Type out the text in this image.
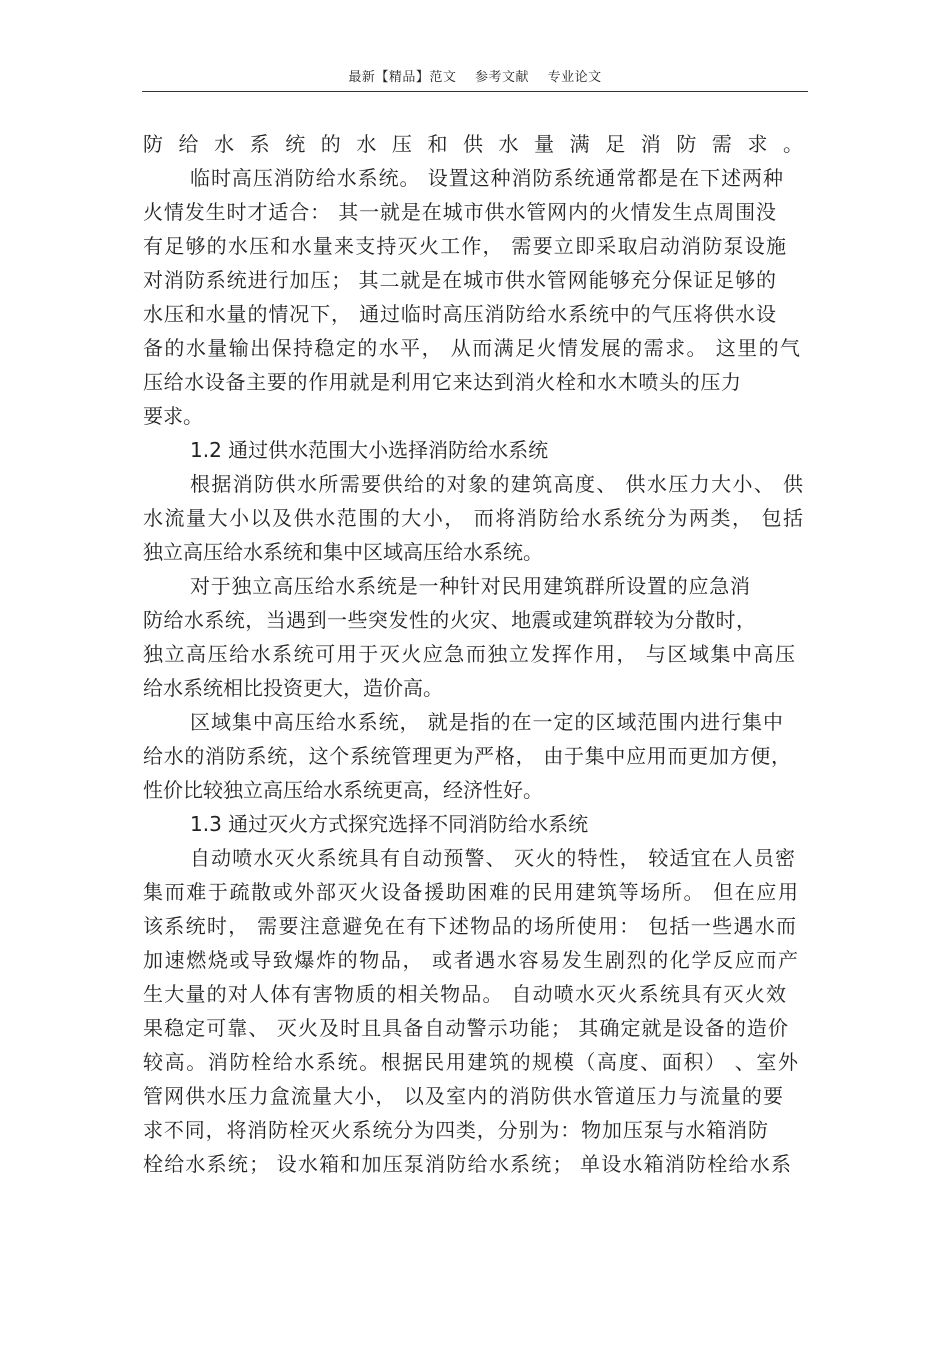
最新【精品】范文 参考文献 专业论文
防给水系统的水压和供水量满足消防需求。
临时高压消防给水系统。 设置这种消防系统通常都是在下述两种
火情发生时才适合： 其一就是在城市供水管网内的火情发生点周围没
有足够的水压和水量来支持灭火工作， 需要立即采取启动消防泵设施
对消防系统进行加压； 其二就是在城市供水管网能够充分保证足够的
水压和水量的情况下， 通过临时高压消防给水系统中的气压将供水设
备的水量输出保持稳定的水平， 从而满足火情发展的需求。 这里的气
压给水设备主要的作用就是利用它来达到消火栓和水木喷头的压力
要求。
1.2 通过供水范围大小选择消防给水系统
根据消防供水所需要供给的对象的建筑高度、 供水压力大小、 供
水流量大小以及供水范围的大小， 而将消防给水系统分为两类， 包括
独立高压给水系统和集中区域高压给水系统。
对于独立高压给水系统是一种针对民用建筑群所设置的应急消
防给水系统，当遇到一些突发性的火灾、地震或建筑群较为分散时，
独立高压给水系统可用于灭火应急而独立发挥作用， 与区域集中高压
给水系统相比投资更大，造价高。
区域集中高压给水系统， 就是指的在一定的区域范围内进行集中
给水的消防系统，这个系统管理更为严格， 由于集中应用而更加方便，
性价比较独立高压给水系统更高，经济性好。
1.3 通过灭火方式探究选择不同消防给水系统
自动喷水灭火系统具有自动预警、 灭火的特性， 较适宜在人员密
集而难于疏散或外部灭火设备援助困难的民用建筑等场所。 但在应用
该系统时， 需要注意避免在有下述物品的场所使用： 包括一些遇水而
加速燃烧或导致爆炸的物品， 或者遇水容易发生剧烈的化学反应而产
生大量的对人体有害物质的相关物品。 自动喷水灭火系统具有灭火效
果稳定可靠、 灭火及时且具备自动警示功能； 其确定就是设备的造价
较高。消防栓给水系统。根据民用建筑的规模（高度、面积） 、室外
管网供水压力盒流量大小， 以及室内的消防供水管道压力与流量的要
求不同，将消防栓灭火系统分为四类，分别为：物加压泵与水箱消防
栓给水系统； 设水箱和加压泵消防给水系统； 单设水箱消防栓给水系
